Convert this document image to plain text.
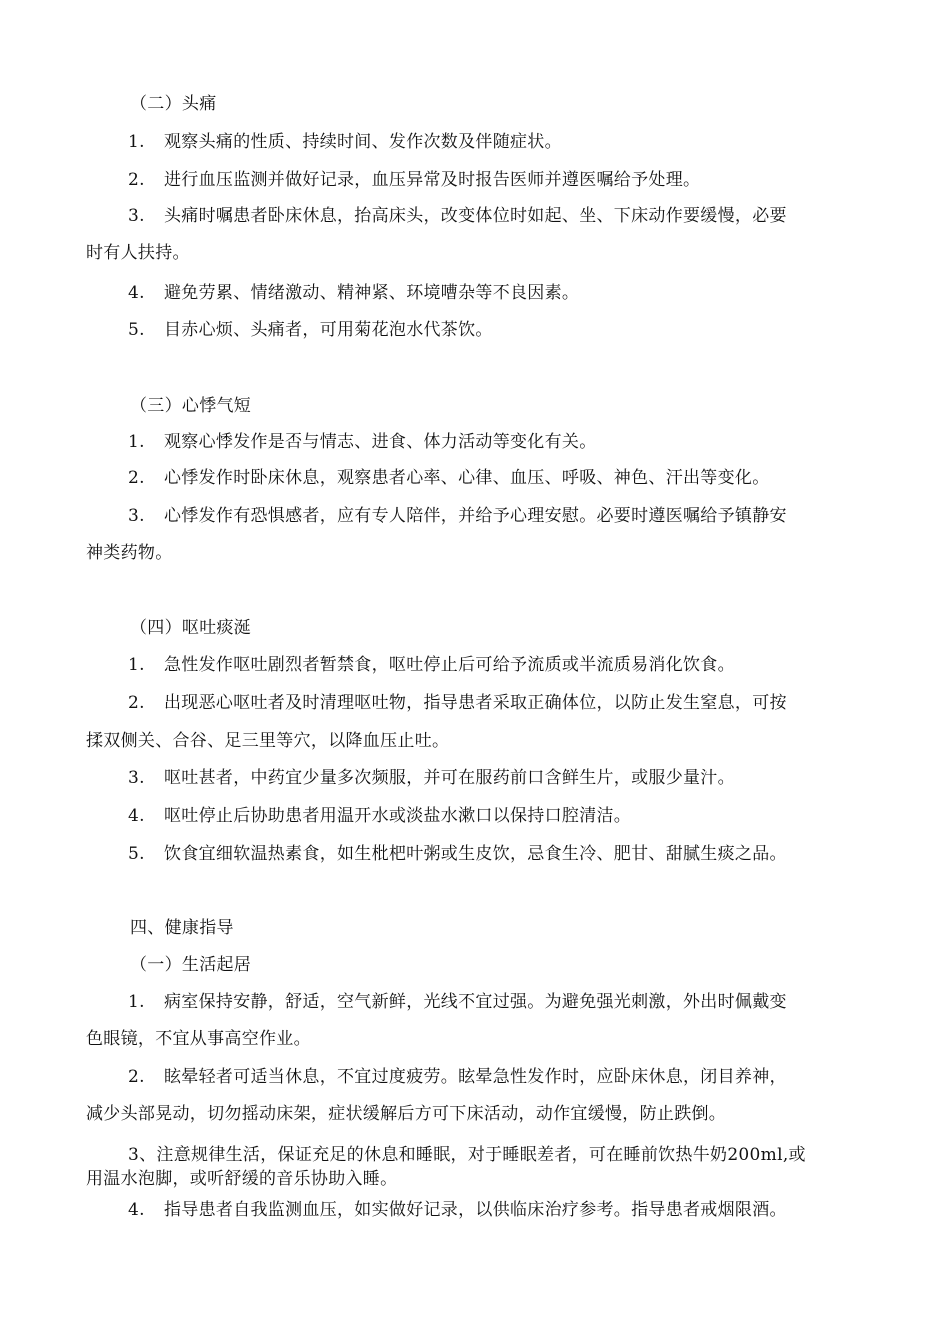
（二）头痛
1. 观察头痛的性质、持续时间、发作次数及伴随症状。
2. 进行血压监测并做好记录，血压异常及时报告医师并遵医嘱给予处理。
3. 头痛时嘱患者卧床休息，抬高床头，改变体位时如起、坐、下床动作要缓慢，必要
时有人扶持。
4. 避免劳累、情绪激动、精神紧、环境嘈杂等不良因素。
5. 目赤心烦、头痛者，可用菊花泡水代茶饮。
（三）心悸气短
1. 观察心悸发作是否与情志、进食、体力活动等变化有关。
2. 心悸发作时卧床休息，观察患者心率、心律、血压、呼吸、神色、汗出等变化。
3. 心悸发作有恐惧感者，应有专人陪伴，并给予心理安慰。必要时遵医嘱给予镇静安
神类药物。
（四）呕吐痰涎
1. 急性发作呕吐剧烈者暂禁食，呕吐停止后可给予流质或半流质易消化饮食。
2. 出现恶心呕吐者及时清理呕吐物，指导患者采取正确体位，以防止发生窒息，可按
揉双侧关、合谷、足三里等穴，以降血压止吐。
3. 呕吐甚者，中药宜少量多次频服，并可在服药前口含鲜生片，或服少量汁。
4. 呕吐停止后协助患者用温开水或淡盐水漱口以保持口腔清洁。
5. 饮食宜细软温热素食，如生枇杷叶粥或生皮饮，忌食生冷、肥甘、甜腻生痰之品。
四、健康指导
（一）生活起居
1. 病室保持安静，舒适，空气新鲜，光线不宜过强。为避免强光刺激，外出时佩戴变
色眼镜，不宜从事高空作业。
2. 眩晕轻者可适当休息，不宜过度疲劳。眩晕急性发作时，应卧床休息，闭目养神，
减少头部晃动，切勿摇动床架，症状缓解后方可下床活动，动作宜缓慢，防止跌倒。
3、注意规律生活，保证充足的休息和睡眠，对于睡眠差者，可在睡前饮热牛奶200ml,或
用温水泡脚，或听舒缓的音乐协助入睡。
4. 指导患者自我监测血压，如实做好记录，以供临床治疗参考。指导患者戒烟限酒。
